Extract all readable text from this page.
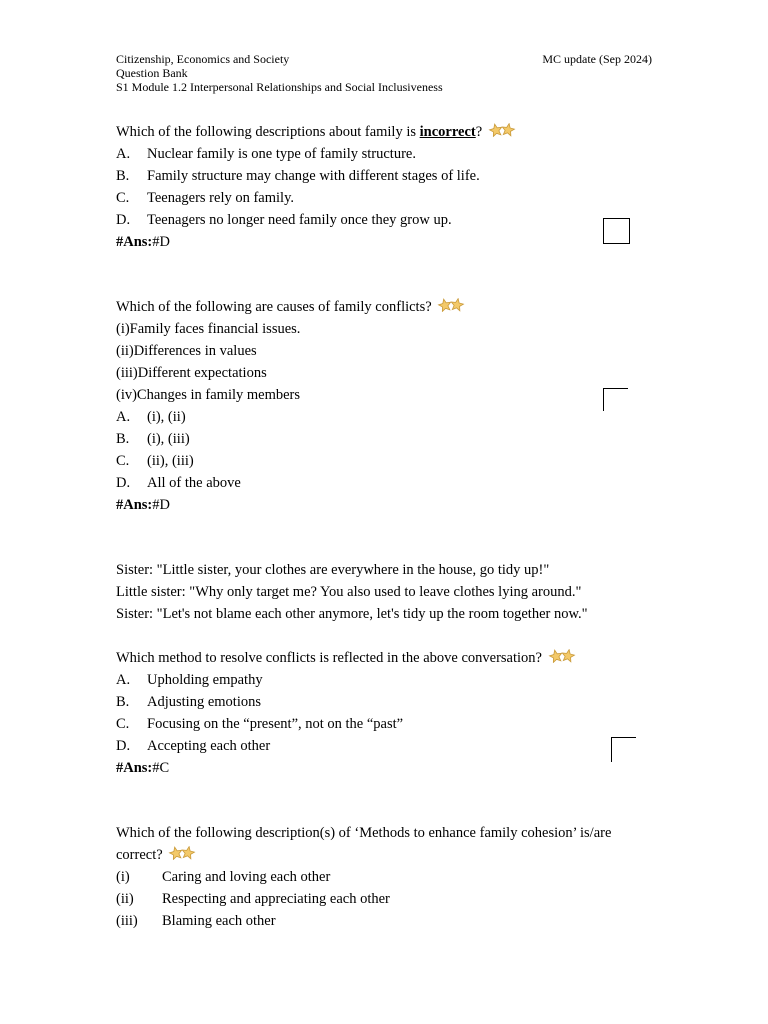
Citizenship, Economics and Society
Question Bank
S1 Module 1.2 Interpersonal Relationships and Social Inclusiveness
MC update (Sep 2024)
Which of the following descriptions about family is incorrect?
A. Nuclear family is one type of family structure.
B. Family structure may change with different stages of life.
C. Teenagers rely on family.
D. Teenagers no longer need family once they grow up.
#Ans:#D
Which of the following are causes of family conflicts?
(i)Family faces financial issues.
(ii)Differences in values
(iii)Different expectations
(iv)Changes in family members
A. (i), (ii)
B. (i), (iii)
C. (ii), (iii)
D. All of the above
#Ans:#D
Sister: "Little sister, your clothes are everywhere in the house, go tidy up!"
Little sister: "Why only target me? You also used to leave clothes lying around."
Sister: "Let's not blame each other anymore, let's tidy up the room together now."
Which method to resolve conflicts is reflected in the above conversation?
A. Upholding empathy
B. Adjusting emotions
C. Focusing on the “present”, not on the “past”
D. Accepting each other
#Ans:#C
Which of the following description(s) of ‘Methods to enhance family cohesion’ is/are
correct?
(i) Caring and loving each other
(ii) Respecting and appreciating each other
(iii) Blaming each other
